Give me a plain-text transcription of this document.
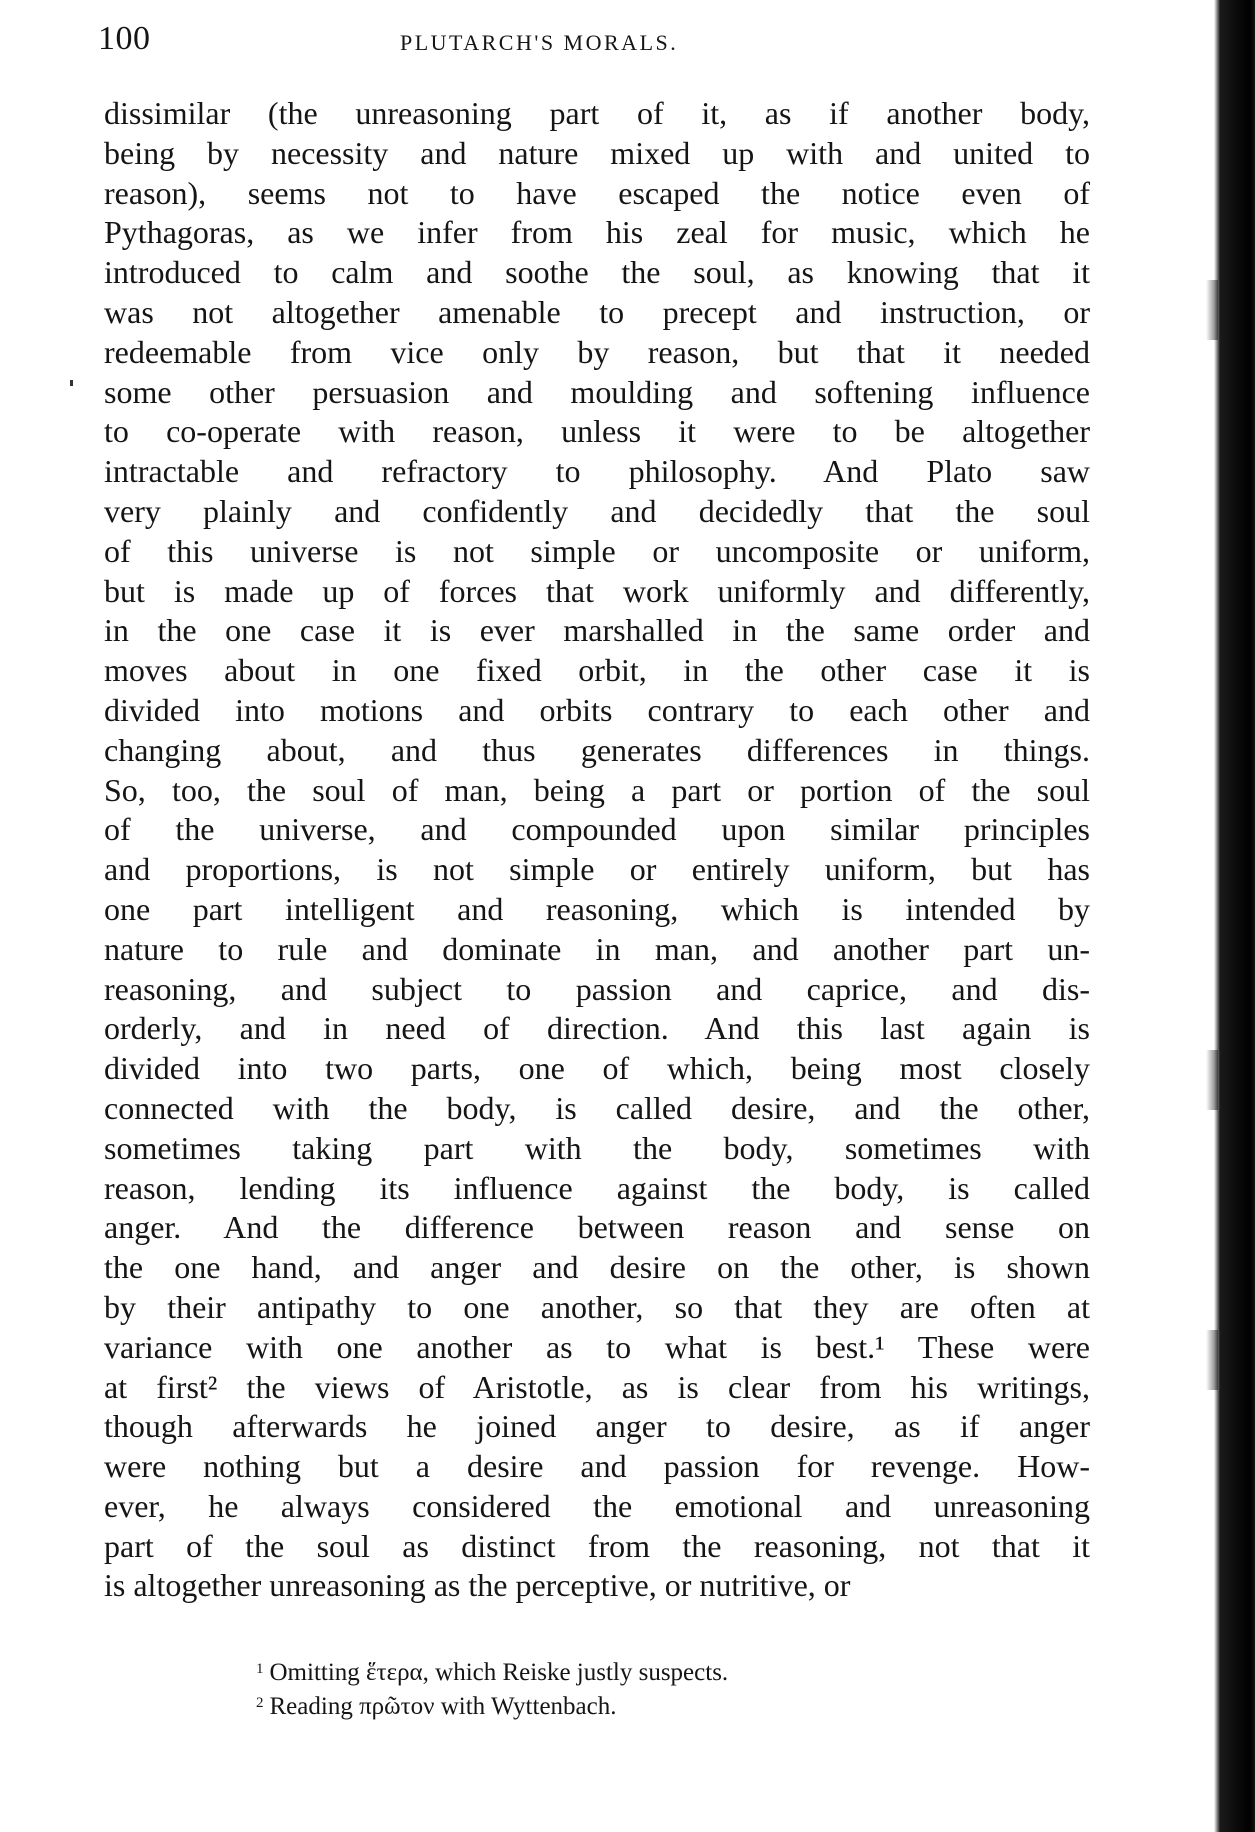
100	PLUTARCH'S MORALS.
dissimilar (the unreasoning part of it, as if another body,
being by necessity and nature mixed up with and united to
reason), seems not to have escaped the notice even of
Pythagoras, as we infer from his zeal for music, which he
introduced to calm and soothe the soul, as knowing that it
was not altogether amenable to precept and instruction, or
redeemable from vice only by reason, but that it needed
some other persuasion and moulding and softening influence
to co-operate with reason, unless it were to be altogether
intractable and refractory to philosophy. And Plato saw
very plainly and confidently and decidedly that the soul
of this universe is not simple or uncomposite or uniform,
but is made up of forces that work uniformly and differently,
in the one case it is ever marshalled in the same order and
moves about in one fixed orbit, in the other case it is
divided into motions and orbits contrary to each other and
changing about, and thus generates differences in things.
So, too, the soul of man, being a part or portion of the soul
of the universe, and compounded upon similar principles
and proportions, is not simple or entirely uniform, but has
one part intelligent and reasoning, which is intended by
nature to rule and dominate in man, and another part un-
reasoning, and subject to passion and caprice, and dis-
orderly, and in need of direction. And this last again is
divided into two parts, one of which, being most closely
connected with the body, is called desire, and the other,
sometimes taking part with the body, sometimes with
reason, lending its influence against the body, is called
anger. And the difference between reason and sense on
the one hand, and anger and desire on the other, is shown
by their antipathy to one another, so that they are often at
variance with one another as to what is best.¹ These were
at first² the views of Aristotle, as is clear from his writings,
though afterwards he joined anger to desire, as if anger
were nothing but a desire and passion for revenge. How-
ever, he always considered the emotional and unreasoning
part of the soul as distinct from the reasoning, not that it
is altogether unreasoning as the perceptive, or nutritive, or
$^1$ Omitting ἕτερα, which Reiske justly suspects.
$^2$ Reading πρῶτον with Wyttenbach.
